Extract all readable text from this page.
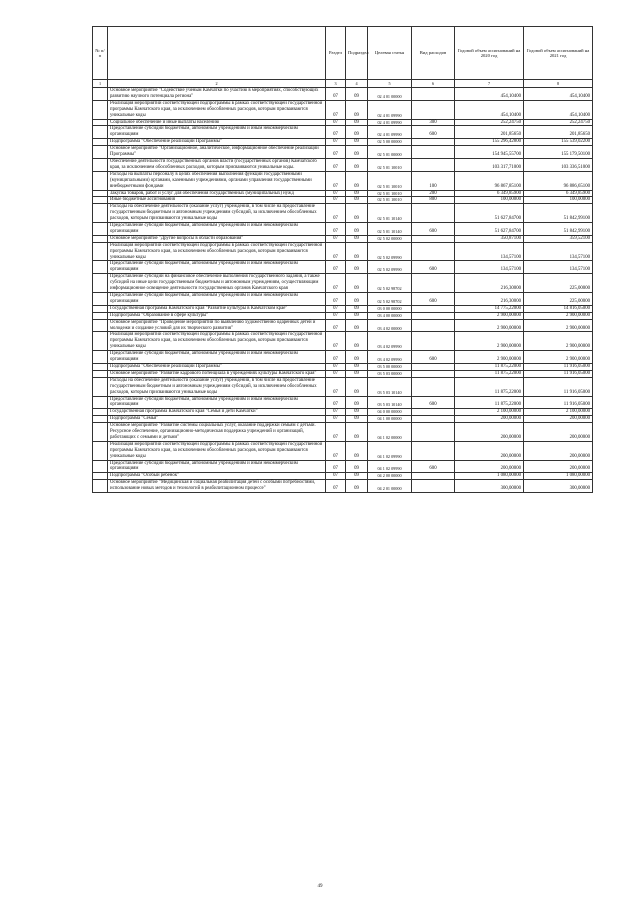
№ п/п		Раздел	Подраздел	Целевая статья	Вид расходов	Годовой объем ассигнований на 2020 год	Годовой объем ассигнований на 2021 год
1	2	3	4	5	6	7	8
	Основное мероприятие "Содействие ученым Камчатки по участию в мероприятиях, способствующих развитию научного потенциала региона"	07	09	02 4 01 00000		454,10400	454,10400
	Реализация мероприятий соответствующей подпрограммы в рамках соответствующей государственной программы Камчатского края, за исключением обособленных расходов, которым присваиваются уникальные коды	07	09	02 4 01 09990		454,10400	454,10400
	Социальное обеспечение и иные выплаты населению	07	09	02 4 01 09990	300	252,24750	252,24750
	Предоставление субсидий бюджетным, автономным учреждениям и иным некоммерческим организациям	07	09	02 4 01 09990	600	201,85650	201,85650
	Подпрограмма "Обеспечение реализации Программы"	07	09	02 5 00 00000		155 296,42800	155 539,02200
	Основное мероприятие "Организационное, аналитическое, информационное обеспечение реализации Программы"	07	09	02 5 01 00000		154 945,55700	155 179,50100
	Обеспечение деятельности государственных органов власти (государственных органов) Камчатского края, за исключением обособленных расходов, которым присваиваются уникальные коды.	07	09	02 5 01 10010		103 317,71000	103 336,51000
	Расходы на выплаты персоналу в целях обеспечения выполнения функций государственными (муниципальными) органами, казенными учреждениями, органами управления государственными внебюджетными фондами	07	09	02 5 01 10010	100	96 867,85100	96 886,65100
	Закупка товаров, работ и услуг для обеспечения государственных (муниципальных) нужд	07	09	02 5 01 10010	200	6 349,85900	6 349,85900
	Иные бюджетные ассигнования	07	09	02 5 01 10010	800	100,00000	100,00000
	Расходы на обеспечение деятельности (оказание услуг) учреждений, в том числе на предоставление государственным бюджетным и автономным учреждениям субсидий, за исключением обособленных расходов, которым присваиваются уникальные коды	07	09	02 5 01 10140		51 627,84700	51 842,99100
	Предоставление субсидий бюджетным, автономным учреждениям и иным некоммерческим организациям	07	09	02 5 01 10140	600	51 627,84700	51 842,99100
	Основное мероприятие "Другие вопросы в области образования"	07	09	02 5 02 00000		350,87100	359,52100
	Реализация мероприятий соответствующей подпрограммы в рамках соответствующей государственной программы Камчатского края, за исключением обособленных расходов, которым присваиваются уникальные коды	07	09	02 5 02 09990		134,57100	134,57100
	Предоставление субсидий бюджетным, автономным учреждениям и иным некоммерческим организациям	07	09	02 5 02 09990	600	134,57100	134,57100
	Предоставление субсидий на финансовое обеспечение выполнения государственного задания, а также субсидий на иные цели государственным бюджетным и автономным учреждениям, осуществляющим информационное освещение деятельности государственных органов Камчатского края	07	09	02 5 02 98702		216,30000	225,00000
	Предоставление субсидий бюджетным, автономным учреждениям и иным некоммерческим организациям	07	09	02 5 02 98702	600	216,30000	225,00000
	Государственная программа Камчатского края "Развитие культуры в Камчатском крае"	07	09	03 0 00 00000		14 775,22000	14 816,05000
	Подпрограмма "Образование в сфере культуры"	07	09	03 4 00 00000		2 900,00000	2 900,00000
	Основное мероприятие "Проведение мероприятий по выявлению художественно одаренных детей и молодежи и создание условий для их творческого развития"	07	09	03 4 02 00000		2 900,00000	2 900,00000
	Реализация мероприятий соответствующей подпрограммы в рамках соответствующей государственной программы Камчатского края, за исключением обособленных расходов, которым присваиваются уникальные коды	07	09	03 4 02 09990		2 900,00000	2 900,00000
	Предоставление субсидий бюджетным, автономным учреждениям и иным некоммерческим организациям	07	09	03 4 02 09990	600	2 900,00000	2 900,00000
	Подпрограмма "Обеспечение реализации Программы"	07	09	03 5 00 00000		11 875,22000	11 916,05000
	Основное мероприятие "Развитие кадрового потенциала в учреждениях культуры Камчатского края"	07	09	03 5 03 00000		11 875,22000	11 916,05000
	Расходы на обеспечение деятельности (оказание услуг) учреждений, в том числе на предоставление государственным бюджетным и автономным учреждениям субсидий, за исключением обособленных расходов, которым присваиваются уникальные коды	07	09	03 5 03 10140		11 875,22000	11 916,05000
	Предоставление субсидий бюджетным, автономным учреждениям и иным некоммерческим организациям	07	09	03 5 03 10140	600	11 875,22000	11 916,05000
	Государственная программа Камчатского края "Семья и дети Камчатки"	07	09	04 0 00 00000		2 100,00000	2 100,00000
	Подпрограмма "Семья"	07	09	04 1 00 00000		200,00000	200,00000
	Основное мероприятие "Развитие системы социальных услуг, оказание поддержки семьям с детьми. Ресурсное обеспечение, организационно-методическая поддержка учреждений и организаций, работающих с семьями и детьми"	07	09	04 1 02 00000		200,00000	200,00000
	Реализация мероприятий соответствующей подпрограммы в рамках соответствующей государственной программы Камчатского края, за исключением обособленных расходов, которым присваиваются уникальные коды	07	09	04 1 02 09990		200,00000	200,00000
	Предоставление субсидий бюджетным, автономным учреждениям и иным некоммерческим организациям	07	09	04 1 02 09990	600	200,00000	200,00000
	Подпрограмма "Особый ребенок"	07	09	04 2 00 00000		1 080,00000	1 080,00000
	Основное мероприятие "Медицинская и социальная реабилитация детей с особыми потребностями, использование новых методов и технологий в реабилитационном процессе"	07	09	04 2 01 00000		300,00000	300,00000
49
